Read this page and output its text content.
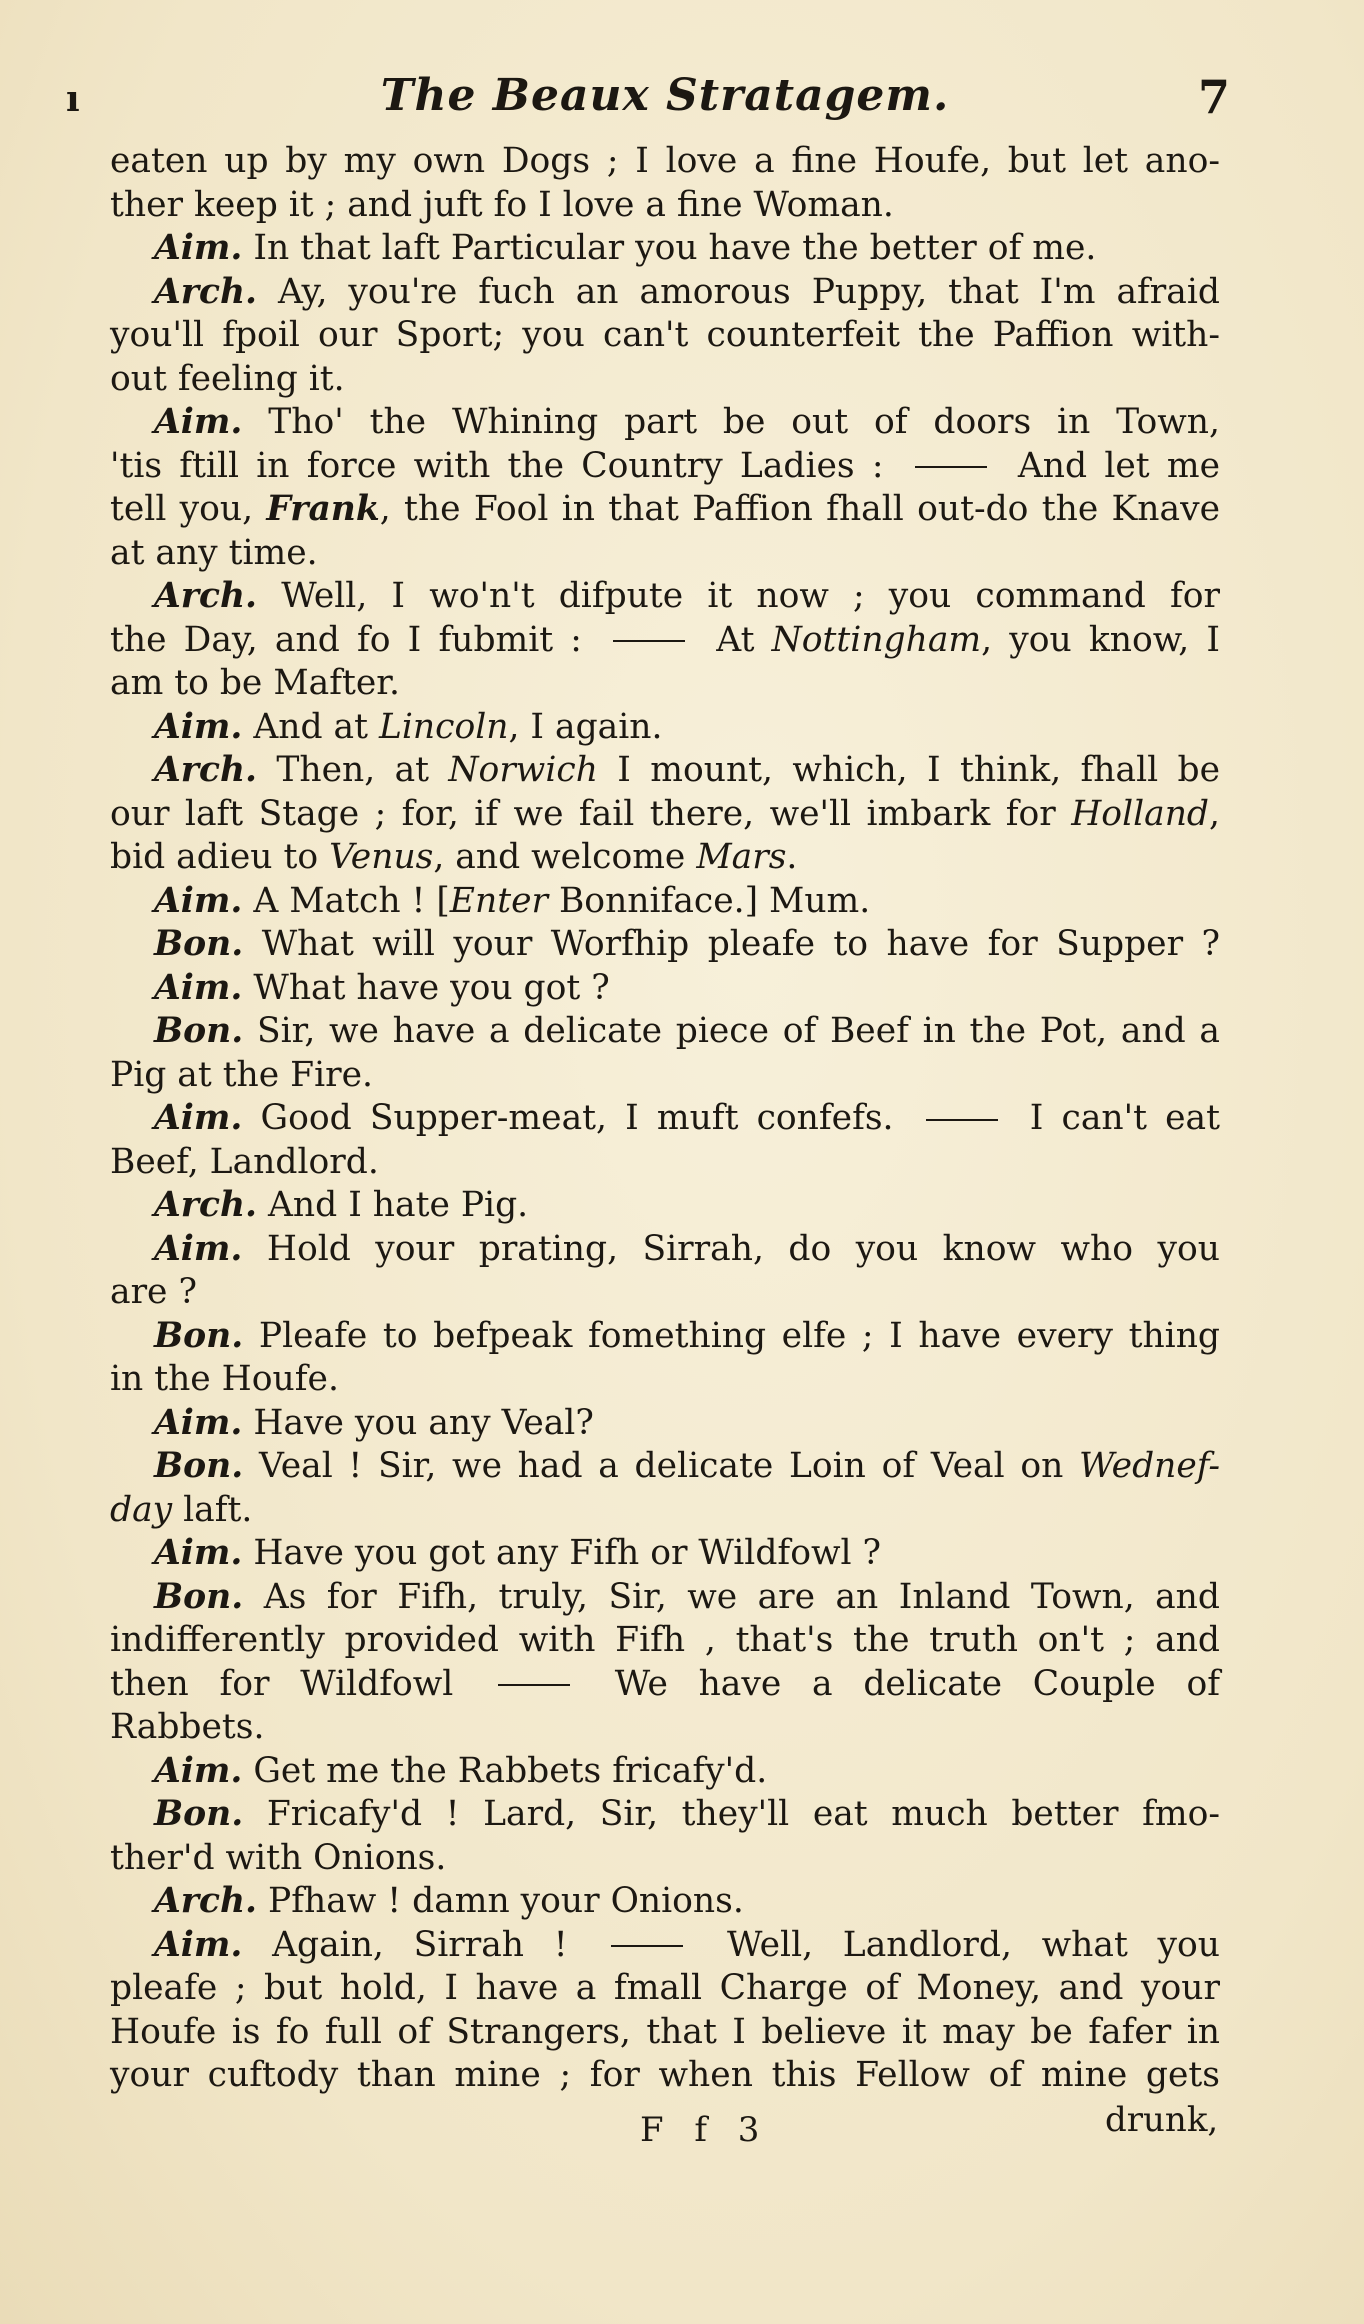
ı	The Beaux Stratagem.	7
eaten up by my own Dogs ; I love a fine Houfe, but let ano-
ther keep it ; and juft fo I love a fine Woman.
Aim. In that laft Particular you have the better of me.
Arch. Ay, you're fuch an amorous Puppy, that I'm afraid
you'll fpoil our Sport; you can't counterfeit the Paffion with-
out feeling it.
Aim. Tho' the Whining part be out of doors in Town,
'tis ftill in force with the Country Ladies :	And let me
tell you, Frank, the Fool in that Paffion fhall out-do the Knave
at any time.
Arch. Well, I wo'n't difpute it now ; you command for
the Day, and fo I fubmit :	At Nottingham, you know, I
am to be Mafter.
Aim. And at Lincoln, I again.
Arch. Then, at Norwich I mount, which, I think, fhall be
our laft Stage ; for, if we fail there, we'll imbark for Holland,
bid adieu to Venus, and welcome Mars.
Aim. A Match ! [Enter Bonniface.] Mum.
Bon. What will your Worfhip pleafe to have for Supper ?
Aim. What have you got ?
Bon. Sir, we have a delicate piece of Beef in the Pot, and a
Pig at the Fire.
Aim. Good Supper-meat, I muft confefs.	I can't eat
Beef, Landlord.
Arch. And I hate Pig.
Aim. Hold your prating, Sirrah, do you know who you
are ?
Bon. Pleafe to befpeak fomething elfe ; I have every thing
in the Houfe.
Aim. Have you any Veal?
Bon. Veal ! Sir, we had a delicate Loin of Veal on Wednef-
day laft.
Aim. Have you got any Fifh or Wildfowl ?
Bon. As for Fifh, truly, Sir, we are an Inland Town, and
indifferently provided with Fifh , that's the truth on't ; and
then for Wildfowl	We have a delicate Couple of
Rabbets.
Aim. Get me the Rabbets fricafy'd.
Bon. Fricafy'd ! Lard, Sir, they'll eat much better fmo-
ther'd with Onions.
Arch. Pfhaw ! damn your Onions.
Aim. Again, Sirrah !	Well, Landlord, what you
pleafe ; but hold, I have a fmall Charge of Money, and your
Houfe is fo full of Strangers, that I believe it may be fafer in
your cuftody than mine ; for when this Fellow of mine gets
F f 3	drunk,
